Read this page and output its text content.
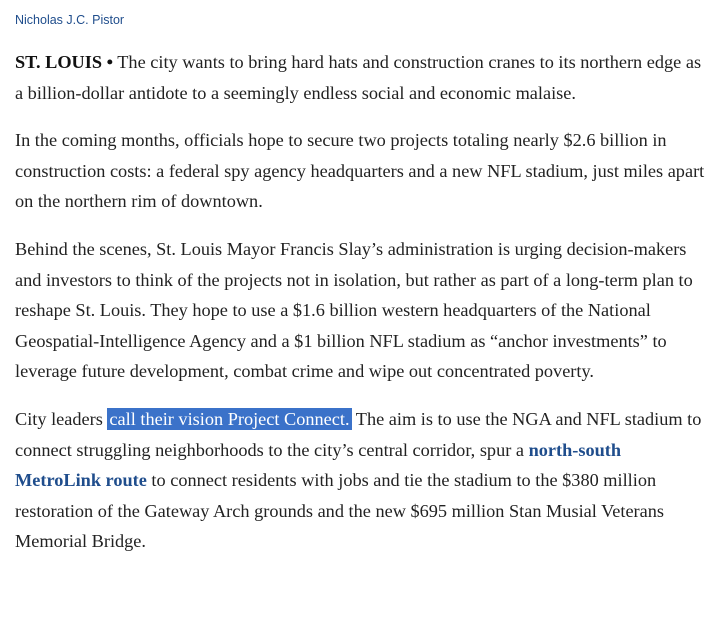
Nicholas J.C. Pistor

ST. LOUIS • The city wants to bring hard hats and construction cranes to its northern edge as a billion-dollar antidote to a seemingly endless social and economic malaise.

In the coming months, officials hope to secure two projects totaling nearly $2.6 billion in construction costs: a federal spy agency headquarters and a new NFL stadium, just miles apart on the northern rim of downtown.

Behind the scenes, St. Louis Mayor Francis Slay’s administration is urging decision-makers and investors to think of the projects not in isolation, but rather as part of a long-term plan to reshape St. Louis. They hope to use a $1.6 billion western headquarters of the National Geospatial-Intelligence Agency and a $1 billion NFL stadium as “anchor investments” to leverage future development, combat crime and wipe out concentrated poverty.

City leaders call their vision Project Connect. The aim is to use the NGA and NFL stadium to connect struggling neighborhoods to the city’s central corridor, spur a north-south MetroLink route to connect residents with jobs and tie the stadium to the $380 million restoration of the Gateway Arch grounds and the new $695 million Stan Musial Veterans Memorial Bridge.
